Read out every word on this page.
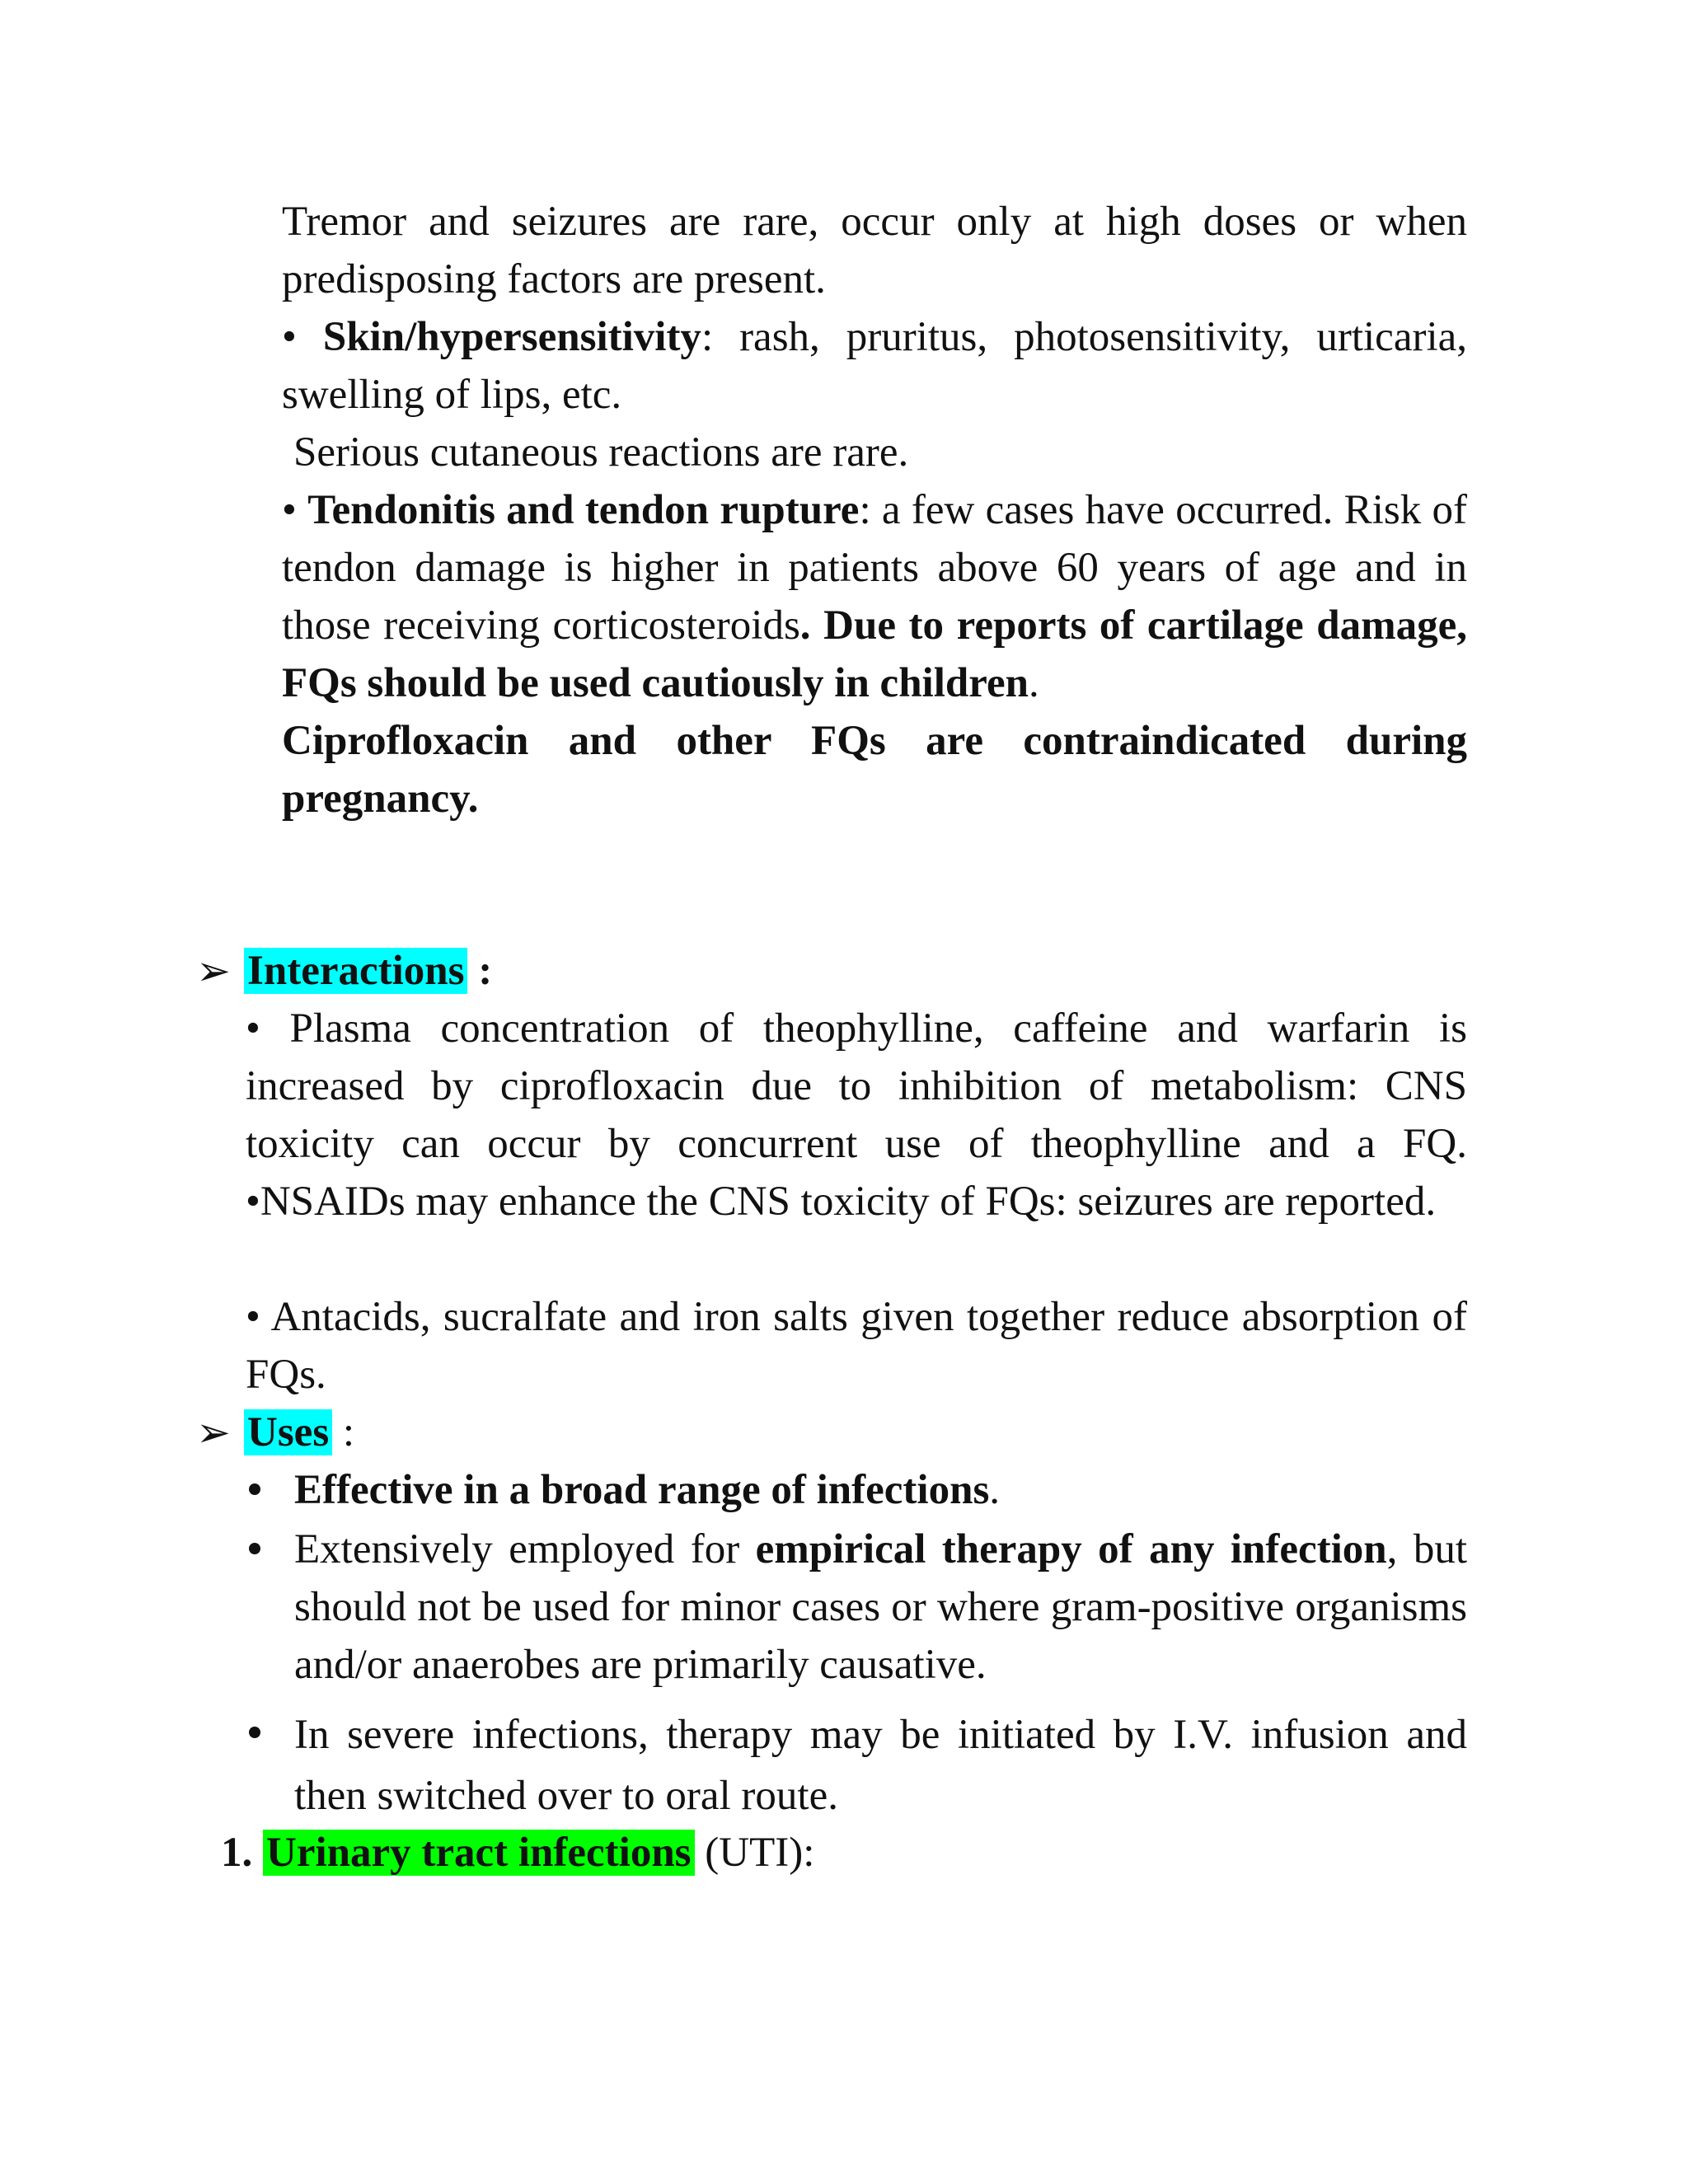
Tremor and seizures are rare, occur only at high doses or when predisposing factors are present.

• Skin/hypersensitivity: rash, pruritus, photosensitivity, urticaria, swelling of lips, etc.

Serious cutaneous reactions are rare.

• Tendonitis and tendon rupture: a few cases have occurred. Risk of tendon damage is higher in patients above 60 years of age and in those receiving corticosteroids. Due to reports of cartilage damage, FQs should be used cautiously in children.

Ciprofloxacin and other FQs are contraindicated during pregnancy.

➢ Interactions :

• Plasma concentration of theophylline, caffeine and warfarin is increased by ciprofloxacin due to inhibition of metabolism: CNS toxicity can occur by concurrent use of theophylline and a FQ. •NSAIDs may enhance the CNS toxicity of FQs: seizures are reported.

• Antacids, sucralfate and iron salts given together reduce absorption of FQs.

➢ Uses :

Effective in a broad range of infections.

Extensively employed for empirical therapy of any infection, but should not be used for minor cases or where gram-positive organisms and/or anaerobes are primarily causative.

In severe infections, therapy may be initiated by I.V. infusion and then switched over to oral route.

1. Urinary tract infections (UTI):
